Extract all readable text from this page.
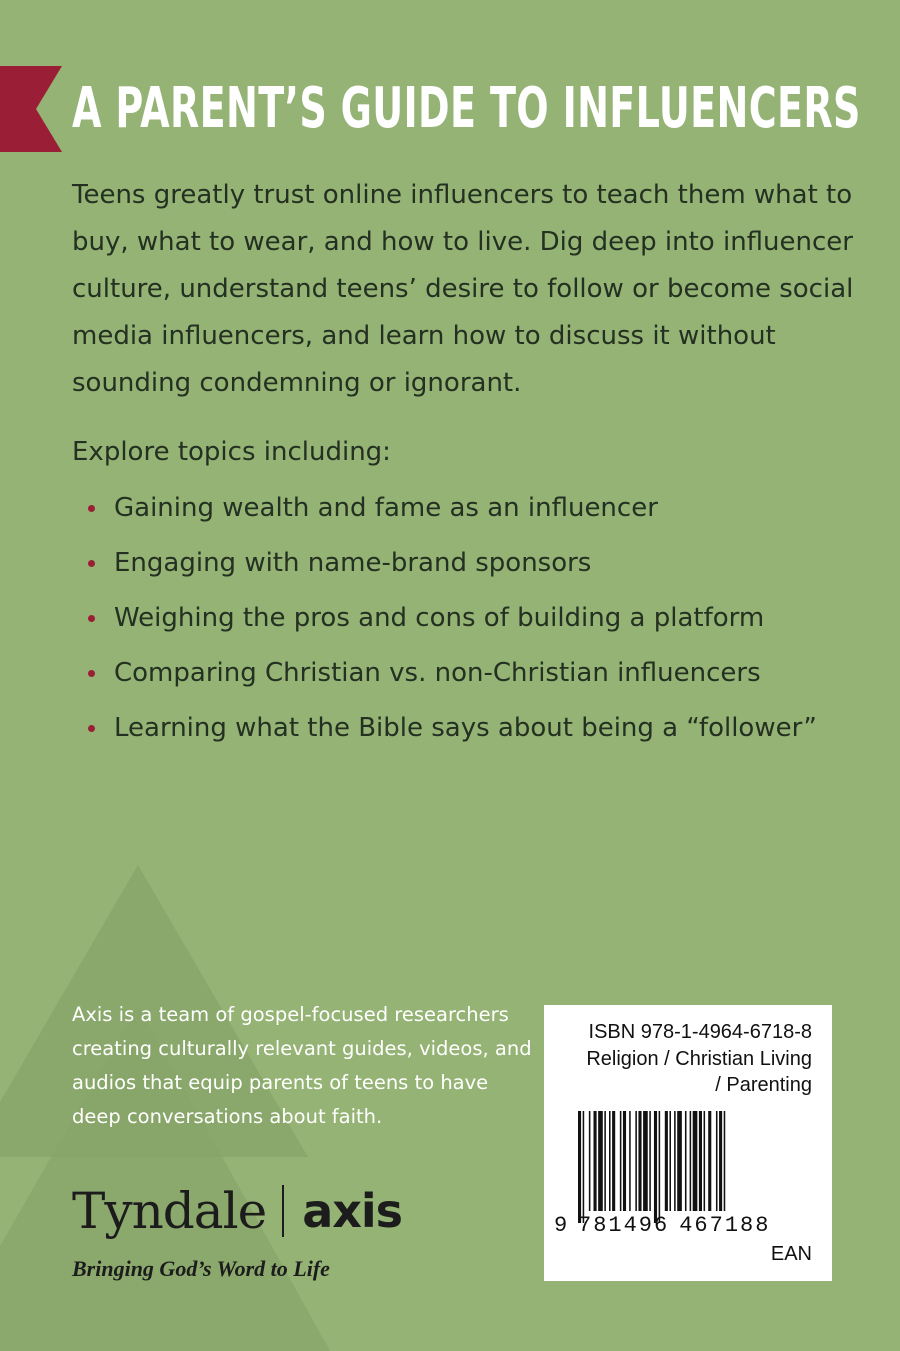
A PARENT’S GUIDE TO INFLUENCERS

Teens greatly trust online influencers to teach them what to buy, what to wear, and how to live. Dig deep into influencer culture, understand teens’ desire to follow or become social media influencers, and learn how to discuss it without sounding condemning or ignorant.

Explore topics including:

Gaining wealth and fame as an influencer
Engaging with name-brand sponsors
Weighing the pros and cons of building a platform
Comparing Christian vs. non-Christian influencers
Learning what the Bible says about being a “follower”

Axis is a team of gospel-focused researchers creating culturally relevant guides, videos, and audios that equip parents of teens to have deep conversations about faith.

Tyndale axis

Bringing God’s Word to Life

ISBN 978-1-4964-6718-8

Religion / Christian Living

/ Parenting

9 781496 467188

EAN
